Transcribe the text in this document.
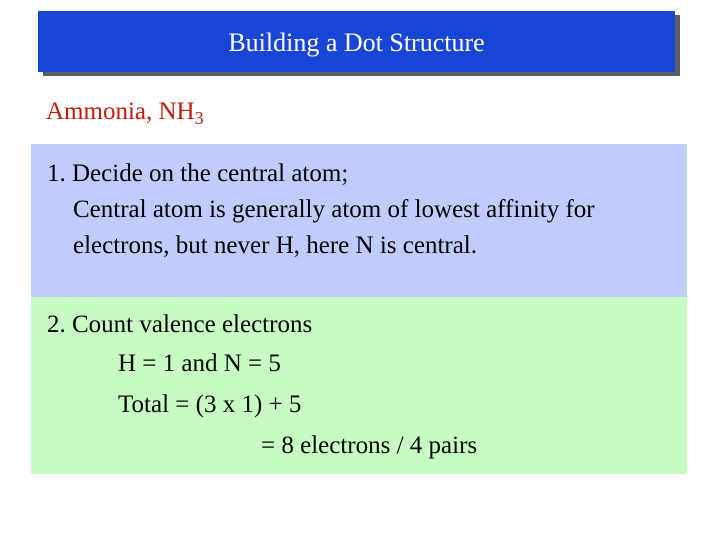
Building a Dot Structure
Ammonia, $NH_3$
1. Decide on the central atom;
Central atom is generally atom of lowest affinity for
electrons, but never H, here N is central.
2. Count valence electrons
H = 1 and N = 5
Total = (3 x 1) + 5
= 8 electrons / 4 pairs
